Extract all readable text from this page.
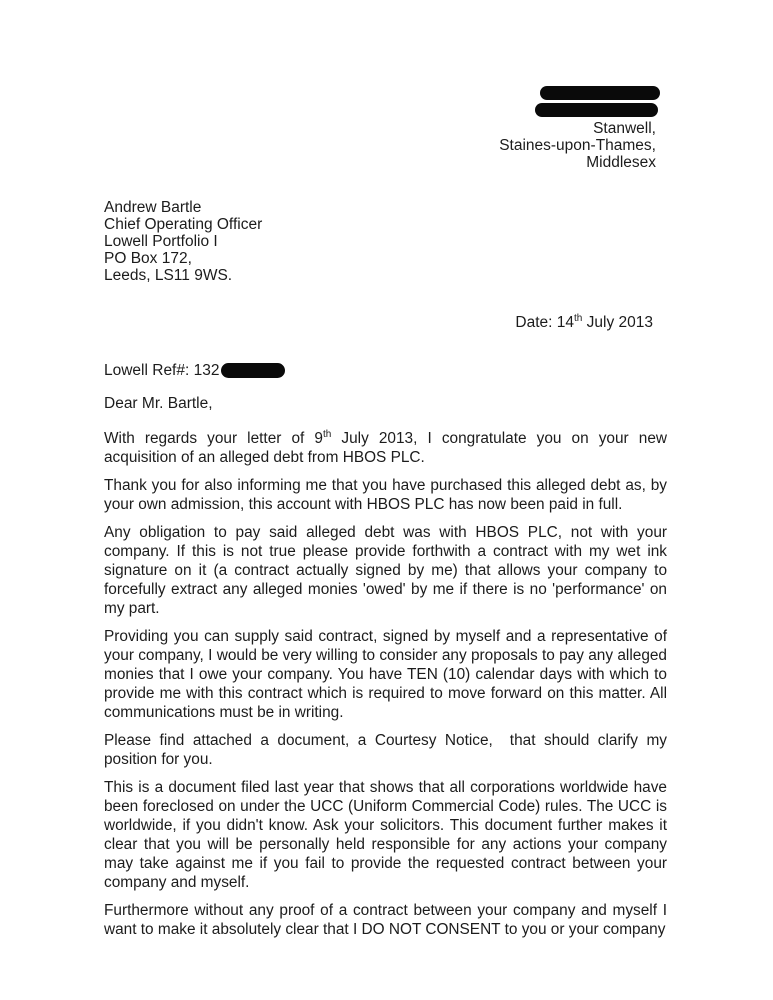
Stanwell,
Staines-upon-Thames,
Middlesex
Andrew Bartle
Chief Operating Officer
Lowell Portfolio I
PO Box 172,
Leeds, LS11 9WS.
Date: 14th July 2013
Lowell Ref#: 132
Dear Mr. Bartle,

With regards your letter of 9th July 2013, I congratulate you on your new acquisition of an alleged debt from HBOS PLC.

Thank you for also informing me that you have purchased this alleged debt as, by your own admission, this account with HBOS PLC has now been paid in full.

Any obligation to pay said alleged debt was with HBOS PLC, not with your company. If this is not true please provide forthwith a contract with my wet ink signature on it (a contract actually signed by me) that allows your company to forcefully extract any alleged monies 'owed' by me if there is no 'performance' on my part.

Providing you can supply said contract, signed by myself and a representative of your company, I would be very willing to consider any proposals to pay any alleged monies that I owe your company. You have TEN (10) calendar days with which to provide me with this contract which is required to move forward on this matter. All communications must be in writing.

Please find attached a document, a Courtesy Notice,  that should clarify my position for you.

This is a document filed last year that shows that all corporations worldwide have been foreclosed on under the UCC (Uniform Commercial Code) rules. The UCC is worldwide, if you didn't know. Ask your solicitors. This document further makes it clear that you will be personally held responsible for any actions your company may take against me if you fail to provide the requested contract between your company and myself.

Furthermore without any proof of a contract between your company and myself I want to make it absolutely clear that I DO NOT CONSENT to you or your company
